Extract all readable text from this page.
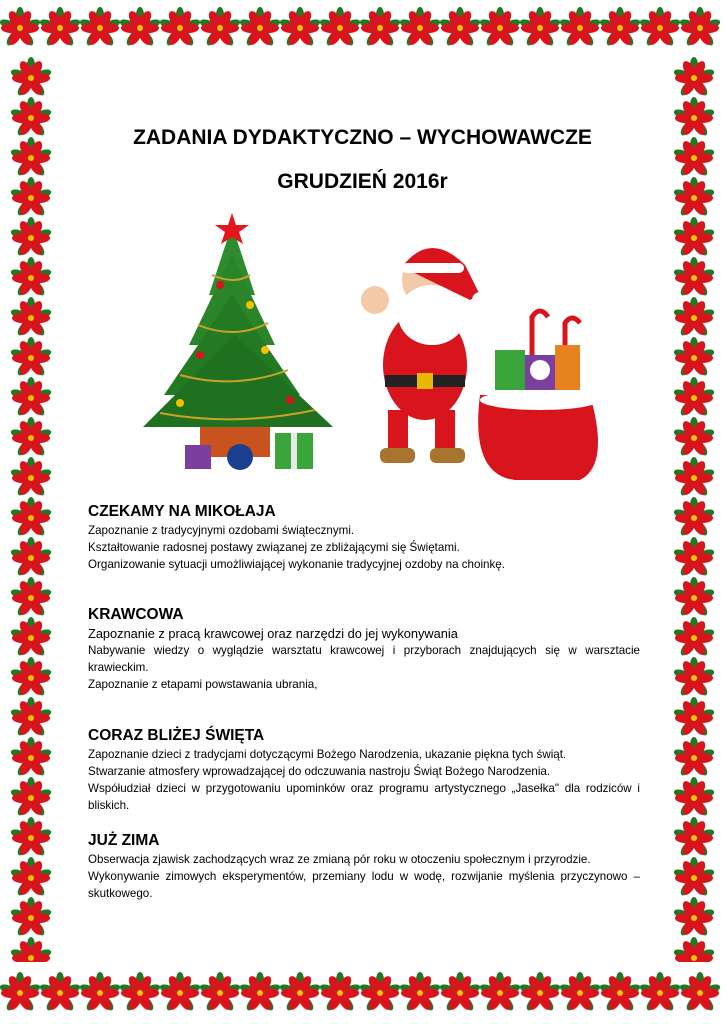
ZADANIA DYDAKTYCZNO – WYCHOWAWCZE
GRUDZIEŃ 2016r
CZEKAMY NA MIKOŁAJA

Zapoznanie z tradycyjnymi ozdobami świątecznymi.

Kształtowanie radosnej postawy związanej ze zbliżającymi się Świętami.

Organizowanie sytuacji umożliwiającej wykonanie tradycyjnej ozdoby na choinkę.

KRAWCOWA

Zapoznanie z pracą krawcowej oraz narzędzi do jej wykonywania

Nabywanie wiedzy o wyglądzie warsztatu krawcowej i przyborach znajdujących się w warsztacie krawieckim.

Zapoznanie z etapami powstawania ubrania,

CORAZ BLIŻEJ ŚWIĘTA

Zapoznanie dzieci z tradycjami dotyczącymi Bożego Narodzenia, ukazanie piękna tych świąt.

Stwarzanie atmosfery wprowadzającej do odczuwania nastroju Świąt Bożego Narodzenia.

Współudział dzieci w przygotowaniu upominków oraz programu artystycznego „Jasełka" dla rodziców i bliskich.

JUŻ ZIMA

Obserwacja zjawisk zachodzących wraz ze zmianą pór roku w otoczeniu społecznym i przyrodzie.

Wykonywanie zimowych eksperymentów, przemiany lodu w wodę, rozwijanie myślenia przyczynowo – skutkowego.
